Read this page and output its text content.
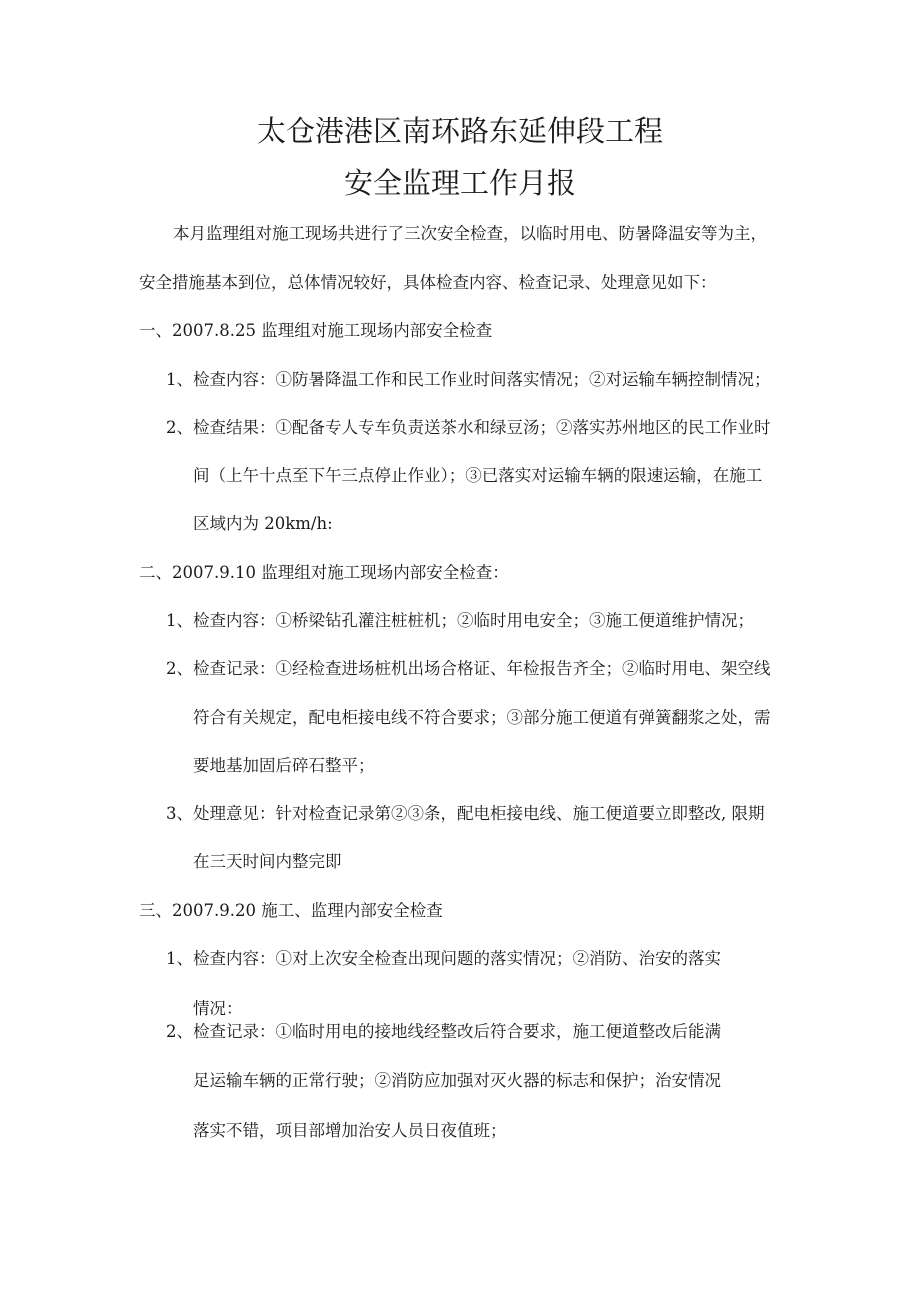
太仓港港区南环路东延伸段工程
安全监理工作月报
本月监理组对施工现场共进行了三次安全检查，以临时用电、防暑降温安等为主，
安全措施基本到位，总体情况较好，具体检查内容、检查记录、处理意见如下：
一、2007.8.25 监理组对施工现场内部安全检查
1、 检查内容：①防暑降温工作和民工作业时间落实情况；②对运输车辆控制情况；
2、 检查结果：①配备专人专车负责送茶水和绿豆汤；②落实苏州地区的民工作业时
间（上午十点至下午三点停止作业）；③已落实对运输车辆的限速运输，在施工
区域内为 20km/h:
二、2007.9.10 监理组对施工现场内部安全检查：
1、 检查内容：①桥梁钻孔灌注桩桩机；②临时用电安全；③施工便道维护情况；
2、 检查记录：①经检查进场桩机出场合格证、年检报告齐全；②临时用电、架空线
符合有关规定，配电柜接电线不符合要求；③部分施工便道有弹簧翻浆之处，需
要地基加固后碎石整平；
3、 处理意见：针对检查记录第②③条，配电柜接电线、施工便道要立即整改, 限期
在三天时间内整完即
三、2007.9.20 施工、监理内部安全检查
1、 检查内容：①对上次安全检查出现问题的落实情况；②消防、治安的落实
情况：
2、 检查记录：①临时用电的接地线经整改后符合要求，施工便道整改后能满
足运输车辆的正常行驶；②消防应加强对灭火器的标志和保护；治安情况
落实不错，项目部增加治安人员日夜值班；
